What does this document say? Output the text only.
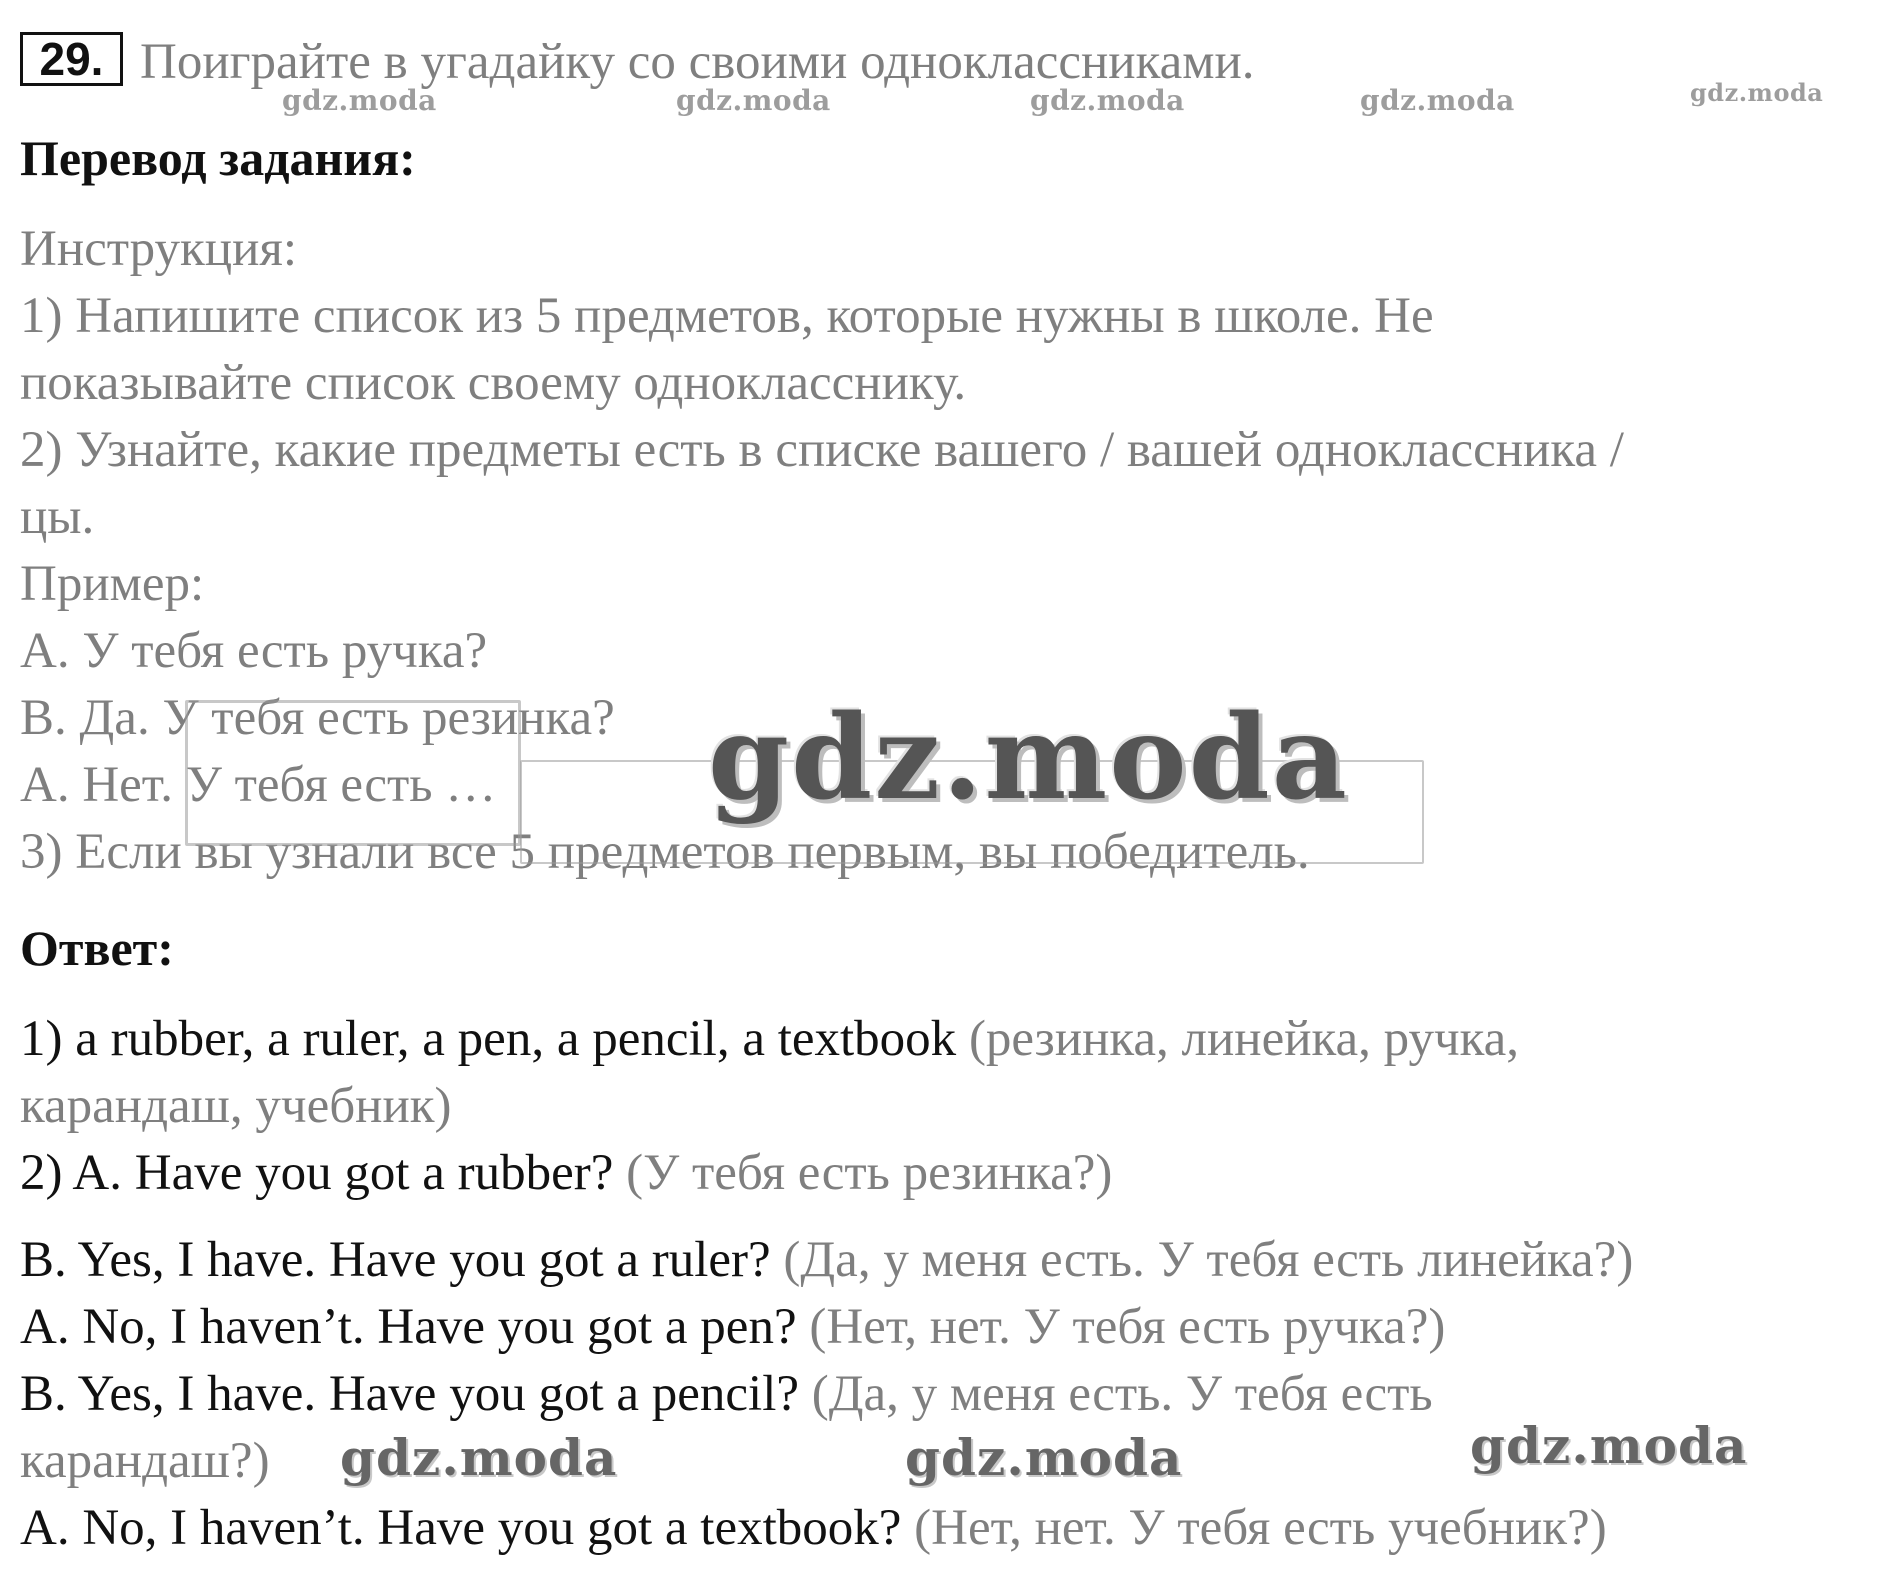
29. Поиграйте в угадайку со своими одноклассниками.
gdz.moda	gdz.moda	gdz.moda	gdz.moda	gdz.moda
Перевод задания:
Инструкция:
1) Напишите список из 5 предметов, которые нужны в школе. Не
показывайте список своему однокласснику.
2) Узнайте, какие предметы есть в списке вашего / вашей одноклассника /
цы.
Пример:
A. У тебя есть ручка?
B. Да. У тебя есть резинка?
A. Нет. У тебя есть …
3) Если вы узнали все 5 предметов первым, вы победитель.
gdz.moda
Ответ:
1) a rubber, a ruler, a pen, a pencil, a textbook (резинка, линейка, ручка,
карандаш, учебник)
2) A. Have you got a rubber? (У тебя есть резинка?)
B. Yes, I have. Have you got a ruler? (Да, у меня есть. У тебя есть линейка?)
A. No, I haven’t. Have you got a pen? (Нет, нет. У тебя есть ручка?)
B. Yes, I have. Have you got a pencil? (Да, у меня есть. У тебя есть
карандаш?)
A. No, I haven’t. Have you got a textbook? (Нет, нет. У тебя есть учебник?)
gdz.moda	gdz.moda	gdz.moda
